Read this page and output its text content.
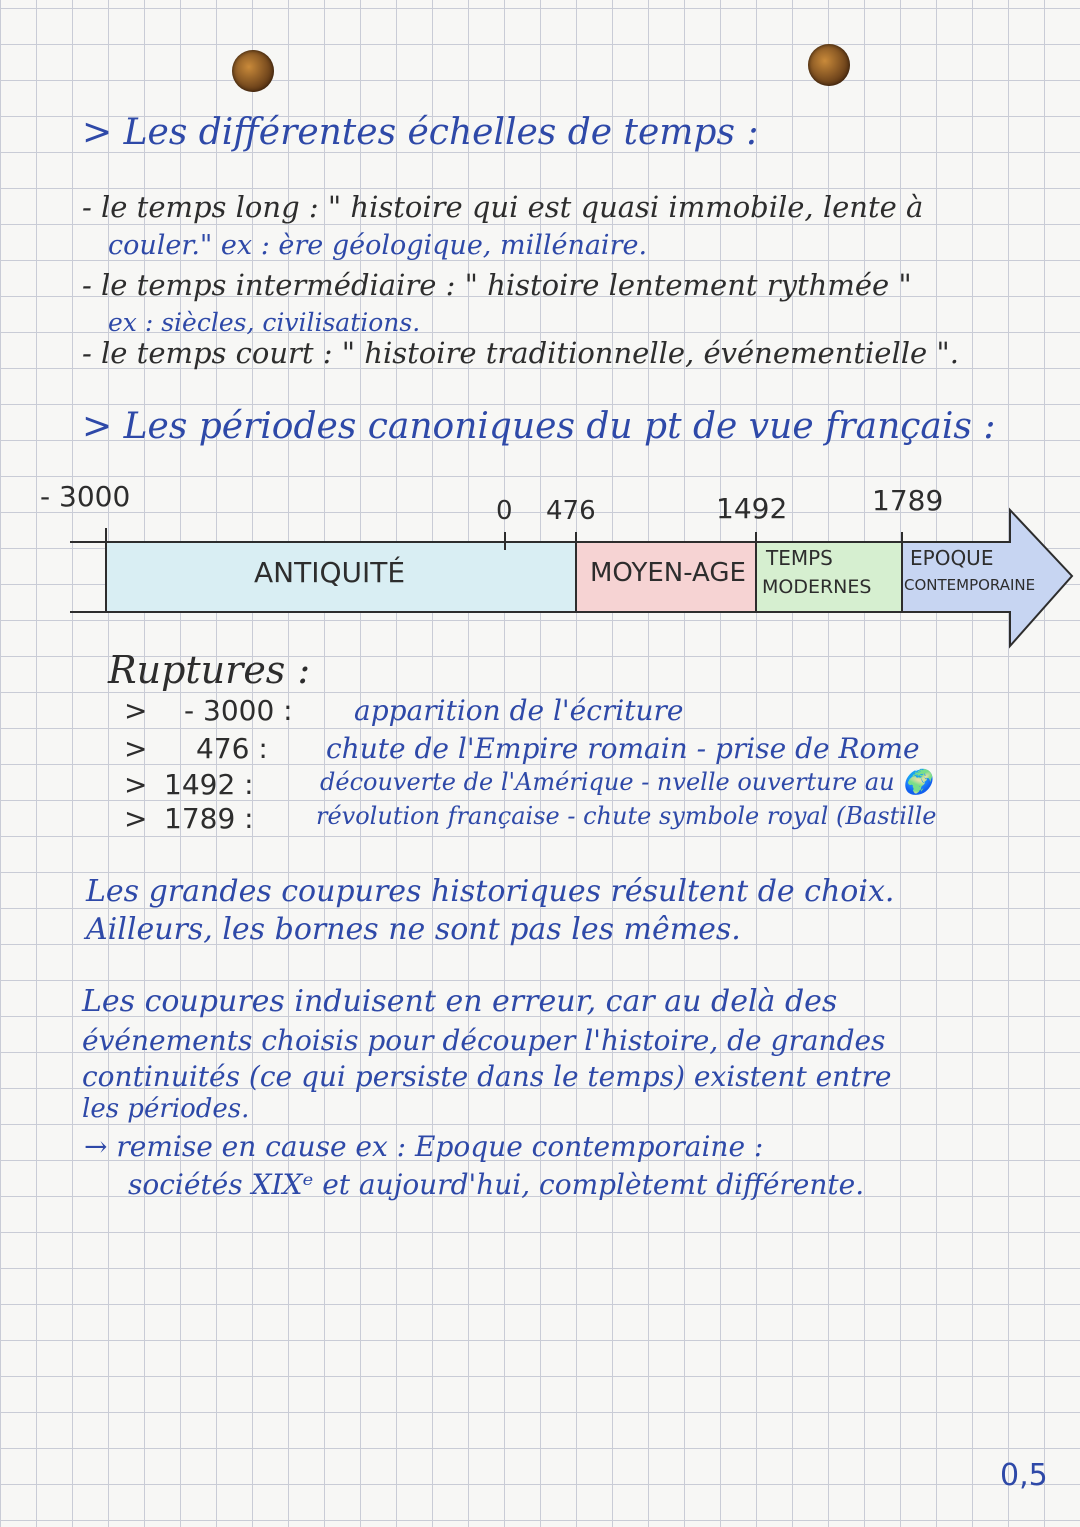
> Les différentes échelles de temps :
- le temps long : " histoire qui est quasi immobile, lente à
couler." ex : ère géologique, millénaire.
- le temps intermédiaire : " histoire lentement rythmée "
ex : siècles, civilisations.
- le temps court : " histoire traditionnelle, événementielle ".
> Les périodes canoniques du pt de vue français :
- 3000	0 476	1492	1789
ANTIQUITÉ	MOYEN-AGE TEMPS
MODERNES
EPOQUE
CONTEMPORAINE
Ruptures :
> - 3000 : apparition de l'écriture
> 476 : chute de l'Empire romain - prise de Rome
> 1492 :	découverte de l'Amérique - nvelle ouverture au 🌍
> 1789 :	révolution française - chute symbole royal (Bastille
Les grandes coupures historiques résultent de choix.
Ailleurs, les bornes ne sont pas les mêmes.
Les coupures induisent en erreur, car au delà des
événements choisis pour découper l'histoire, de grandes
continuités (ce qui persiste dans le temps) existent entre
les périodes.
→ remise en cause ex : Epoque contemporaine :
sociétés XIXᵉ et aujourd'hui, complètemt différente.
0,5
